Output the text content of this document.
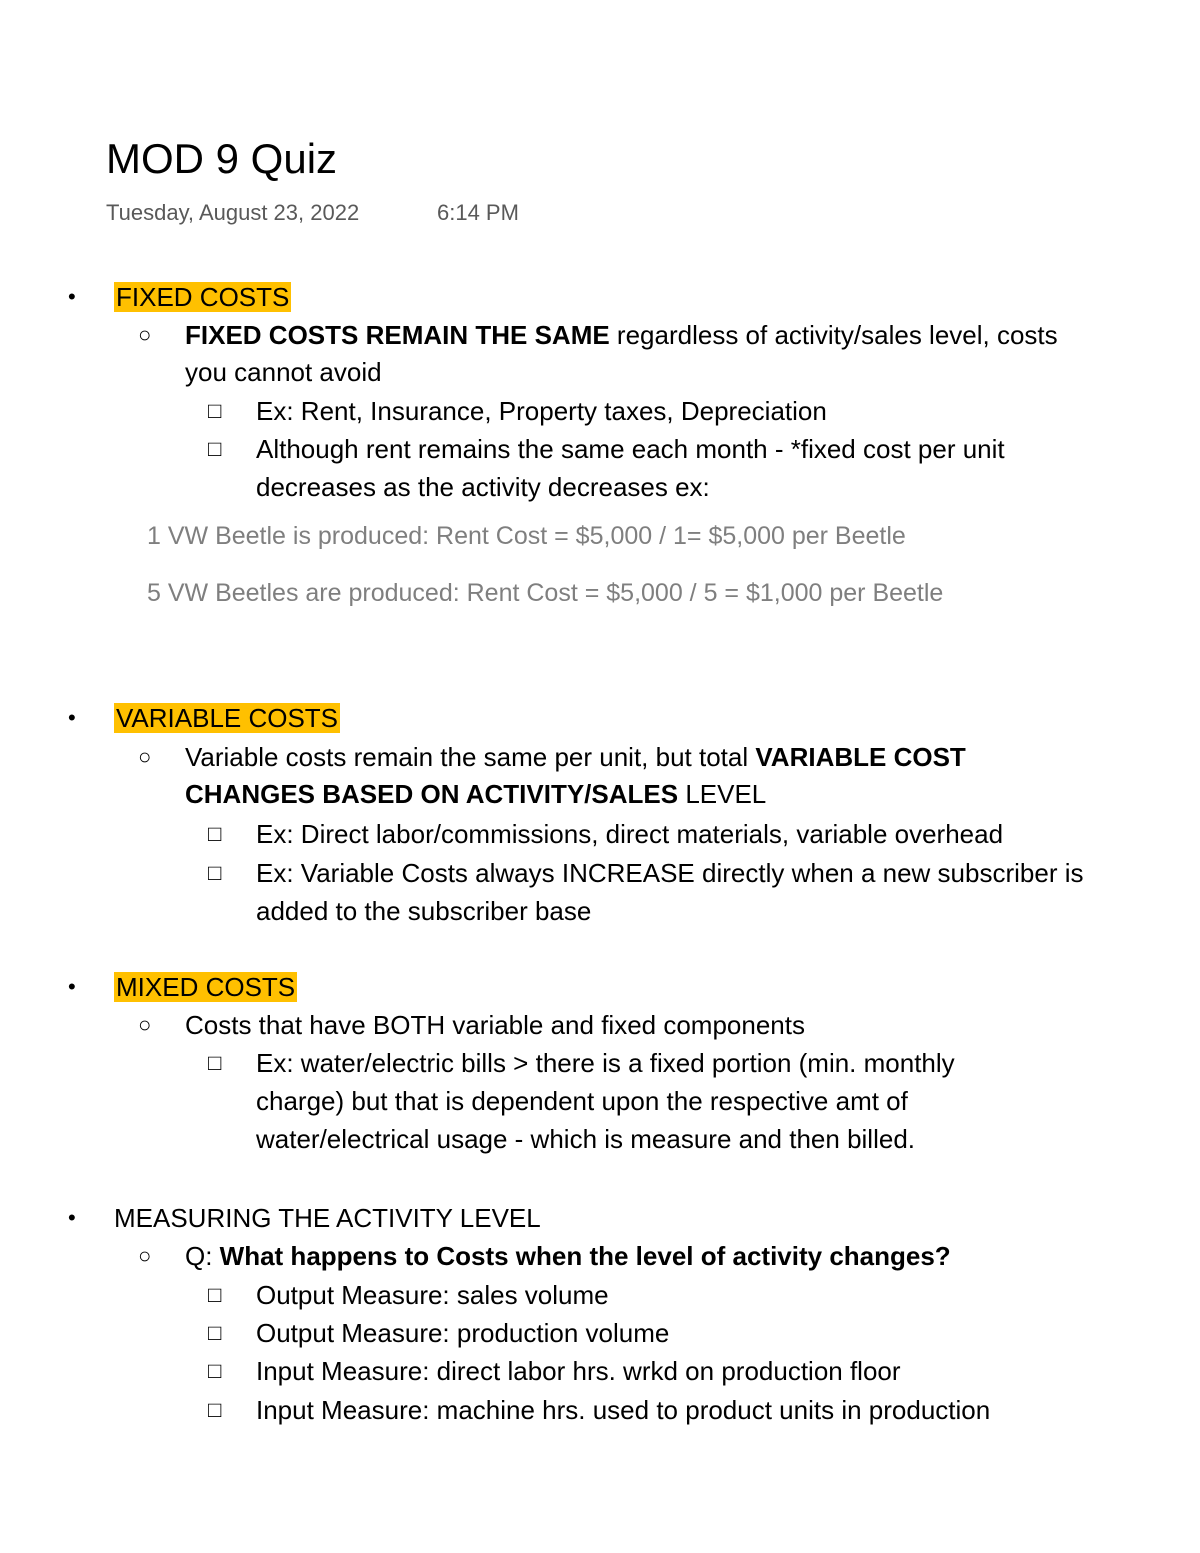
MOD 9 Quiz
Tuesday, August 23, 2022	6:14 PM
• FIXED COSTS
○ FIXED COSTS REMAIN THE SAME regardless of activity/sales level, costs
you cannot avoid
□ Ex: Rent, Insurance, Property taxes, Depreciation
□ Although rent remains the same each month - *fixed cost per unit
decreases as the activity decreases ex:
1 VW Beetle is produced: Rent Cost = $5,000 / 1= $5,000 per Beetle
5 VW Beetles are produced: Rent Cost = $5,000 / 5 = $1,000 per Beetle
• VARIABLE COSTS
○ Variable costs remain the same per unit, but total VARIABLE COST
CHANGES BASED ON ACTIVITY/SALES LEVEL
□ Ex: Direct labor/commissions, direct materials, variable overhead
□ Ex: Variable Costs always INCREASE directly when a new subscriber is
added to the subscriber base
• MIXED COSTS
○ Costs that have BOTH variable and fixed components
□ Ex: water/electric bills > there is a fixed portion (min. monthly
charge) but that is dependent upon the respective amt of
water/electrical usage - which is measure and then billed.
• MEASURING THE ACTIVITY LEVEL
○ Q: What happens to Costs when the level of activity changes?
□ Output Measure: sales volume
□ Output Measure: production volume
□ Input Measure: direct labor hrs. wrkd on production floor
□ Input Measure: machine hrs. used to product units in production
